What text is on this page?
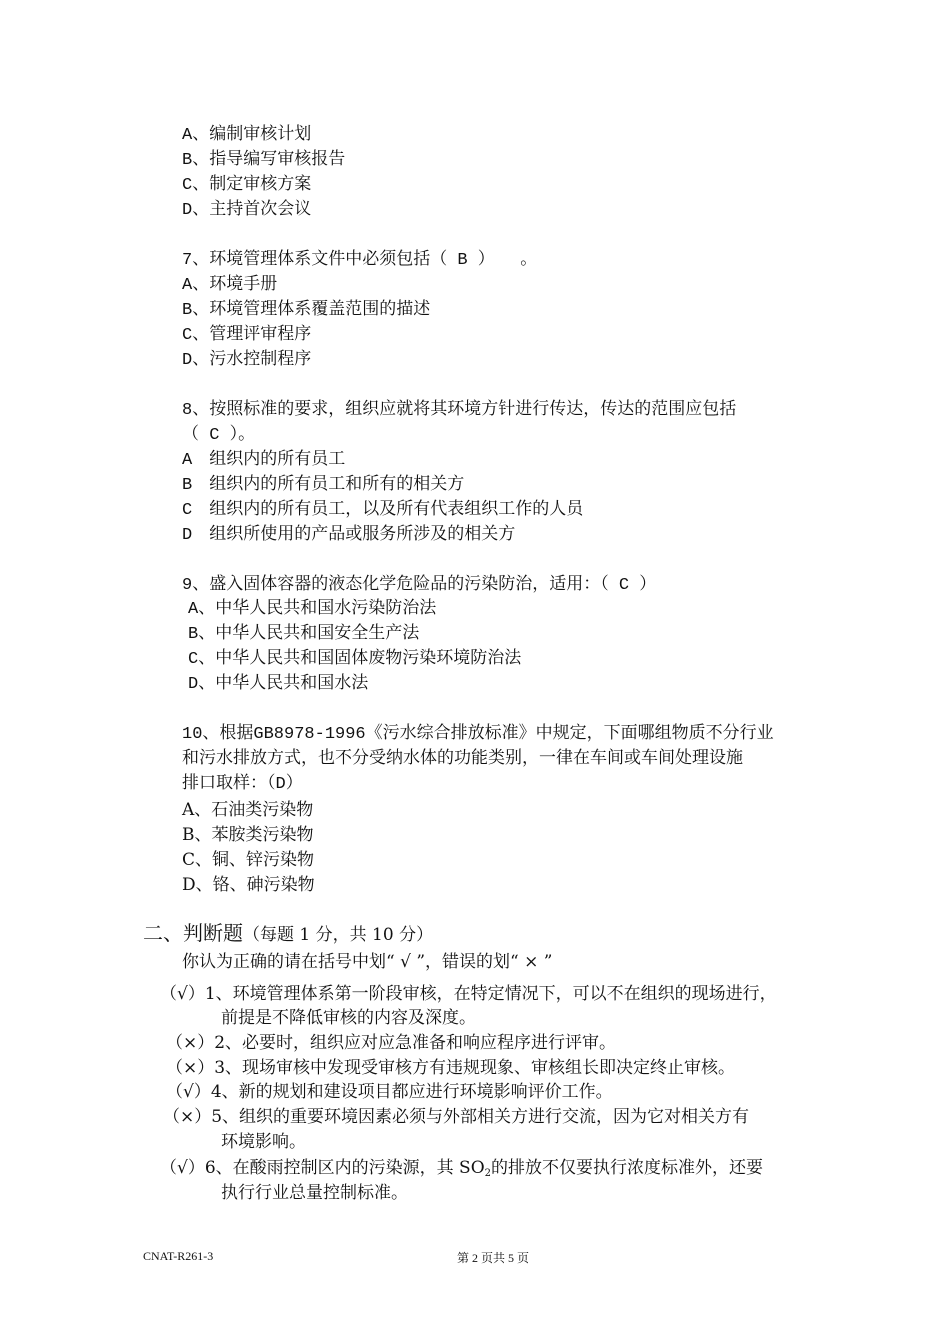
A、编制审核计划
B、指导编写审核报告
C、制定审核方案
D、主持首次会议
7、环境管理体系文件中必须包括（ B ）　　。
A、环境手册
B、环境管理体系覆盖范围的描述
C、管理评审程序
D、污水控制程序
8、按照标准的要求，组织应就将其环境方针进行传达，传达的范围应包括
（ C ）。
A　组织内的所有员工
B　组织内的所有员工和所有的相关方
C　组织内的所有员工，以及所有代表组织工作的人员
D　组织所使用的产品或服务所涉及的相关方
9、盛入固体容器的液态化学危险品的污染防治，适用：（ C ）
A、中华人民共和国水污染防治法
B、中华人民共和国安全生产法
C、中华人民共和国固体废物污染环境防治法
D、中华人民共和国水法
10、根据GB8978-1996《污水综合排放标准》中规定，下面哪组物质不分行业
和污水排放方式，也不分受纳水体的功能类别，一律在车间或车间处理设施
排口取样：（D）
A、石油类污染物
B、苯胺类污染物
C、铜、锌污染物
D、铬、砷污染物
二、判断题（每题 1 分，共 10 分）
你认为正确的请在括号中划“ √ ”，错误的划“ × ”
（√）1、环境管理体系第一阶段审核，在特定情况下，可以不在组织的现场进行，
前提是不降低审核的内容及深度。
（×）2、必要时，组织应对应急准备和响应程序进行评审。
（×）3、现场审核中发现受审核方有违规现象、审核组长即决定终止审核。
（√）4、新的规划和建设项目都应进行环境影响评价工作。
（×）5、组织的重要环境因素必须与外部相关方进行交流，因为它对相关方有
环境影响。
（√）6、在酸雨控制区内的污染源，其 $SO_2$的排放不仅要执行浓度标准外，还要
执行行业总量控制标准。
CNAT-R261-3	第 2 页共 5 页
